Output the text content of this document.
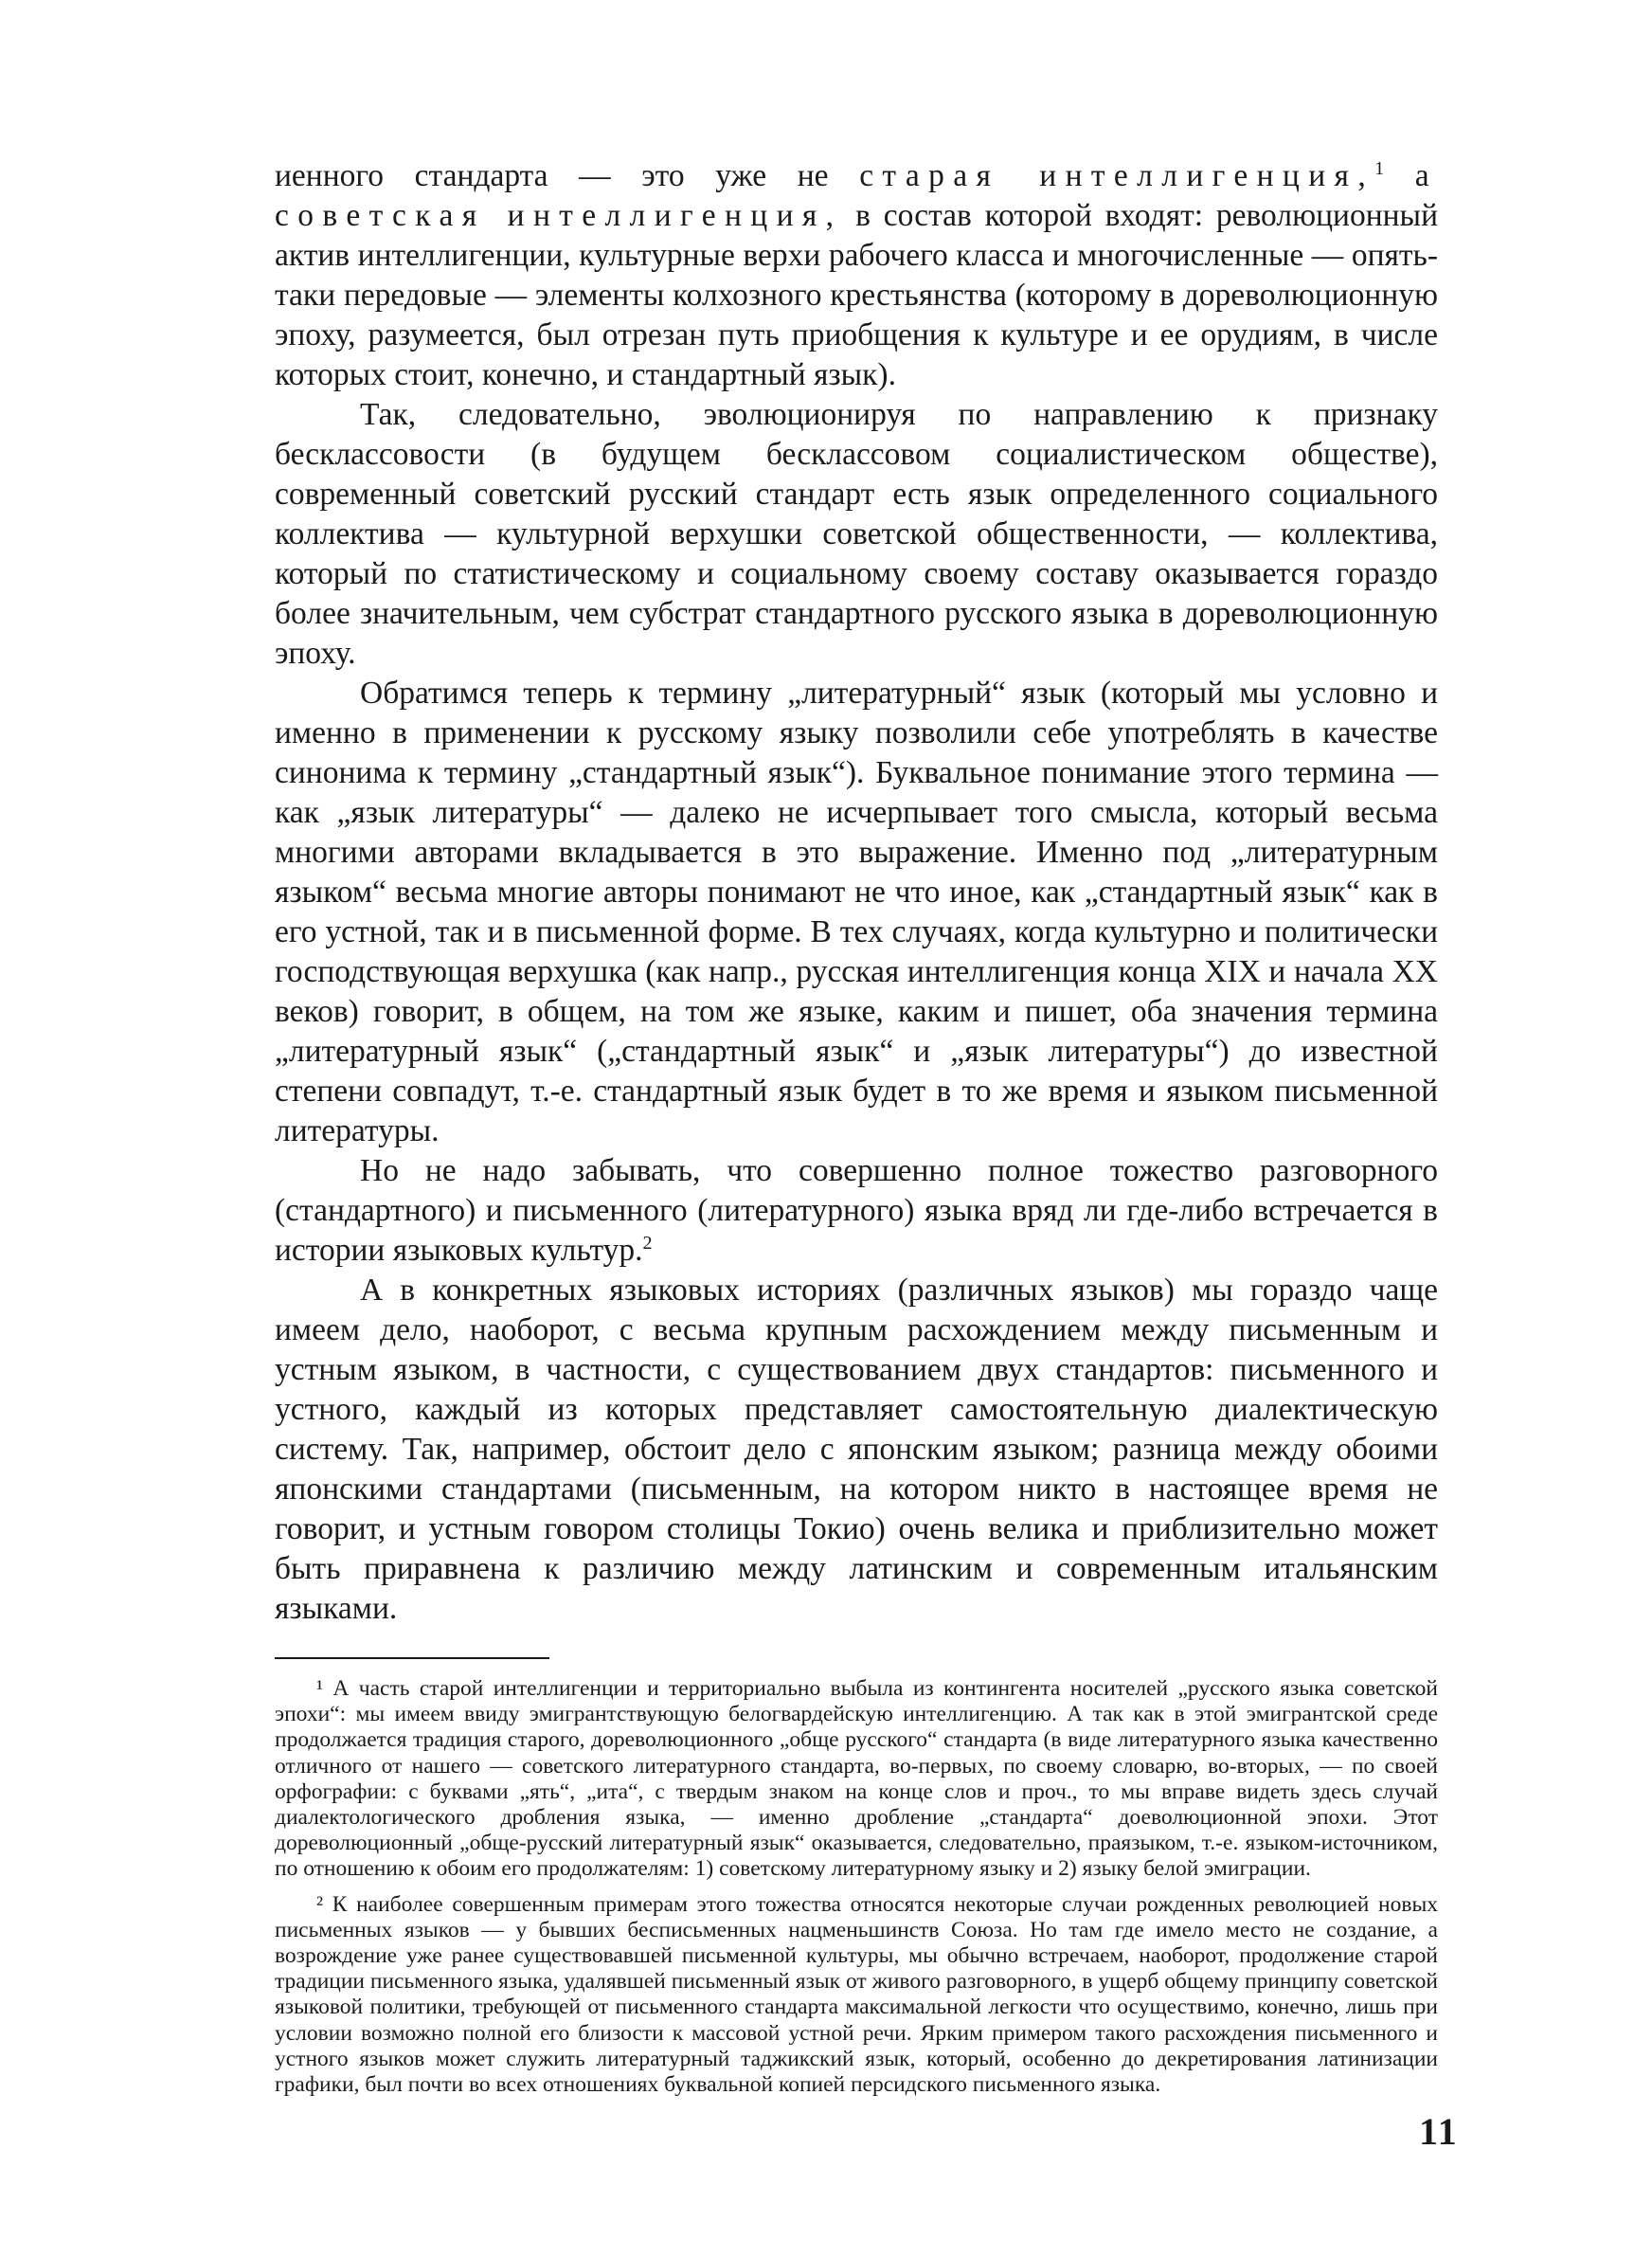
иенного стандарта — это уже не старая интеллигенция,$^1$ а советская интеллигенция, в состав которой входят: революционный актив интеллигенции, культурные верхи рабочего класса и многочисленные — опять-таки передовые — элементы колхозного крестьянства (которому в дореволюционную эпоху, разумеется, был отрезан путь приобщения к культуре и ее орудиям, в числе которых стоит, конечно, и стандартный язык).

Так, следовательно, эволюционируя по направлению к признаку бесклассовости (в будущем бесклассовом социалистическом обществе), современный советский русский стандарт есть язык определенного социального коллектива — культурной верхушки советской общественности, — коллектива, который по статистическому и социальному своему составу оказывается гораздо более значительным, чем субстрат стандартного русского языка в дореволюционную эпоху.

Обратимся теперь к термину „литературный“ язык (который мы условно и именно в применении к русскому языку позволили себе употреблять в качестве синонима к термину „стандартный язык“). Буквальное понимание этого термина — как „язык литературы“ — далеко не исчерпывает того смысла, который весьма многими авторами вкладывается в это выражение. Именно под „литературным языком“ весьма многие авторы понимают не что иное, как „стандартный язык“ как в его устной, так и в письменной форме. В тех случаях, когда культурно и политически господствующая верхушка (как напр., русская интеллигенция конца XIX и начала XX веков) говорит, в общем, на том же языке, каким и пишет, оба значения термина „литературный язык“ („стандартный язык“ и „язык литературы“) до известной степени совпадут, т.-е. стандартный язык будет в то же время и языком письменной литературы.

Но не надо забывать, что совершенно полное тожество разговорного (стандартного) и письменного (литературного) языка вряд ли где-либо встречается в истории языковых культур.$^2$

А в конкретных языковых историях (различных языков) мы гораздо чаще имеем дело, наоборот, с весьма крупным расхождением между письменным и устным языком, в частности, с существованием двух стандартов: письменного и устного, каждый из которых представляет самостоятельную диалектическую систему. Так, например, обстоит дело с японским языком; разница между обоими японскими стандартами (письменным, на котором никто в настоящее время не говорит, и устным говором столицы Токио) очень велика и приблизительно может быть приравнена к различию между латинским и современным итальянским языками.

¹ А часть старой интеллигенции и территориально выбыла из контингента носителей „русского языка советской эпохи“: мы имеем ввиду эмигрантствующую белогвардейскую интеллигенцию. А так как в этой эмигрантской среде продолжается традиция старого, дореволюционного „обще русского“ стандарта (в виде литературного языка качественно отличного от нашего — советского литературного стандарта, во-первых, по своему словарю, во-вторых, — по своей орфографии: с буквами „ять“, „ита“, с твердым знаком на конце слов и проч., то мы вправе видеть здесь случай диалектологического дробления языка, — именно дробление „стандарта“ доеволюционной эпохи. Этот дореволюционный „обще-русский литературный язык“ оказывается, следовательно, праязыком, т.-е. языком-источником, по отношению к обоим его продолжателям: 1) советскому литературному языку и 2) языку белой эмиграции.

² К наиболее совершенным примерам этого тожества относятся некоторые случаи рожденных революцией новых письменных языков — у бывших бесписьменных нацменьшинств Союза. Но там где имело место не создание, а возрождение уже ранее существовавшей письменной культуры, мы обычно встречаем, наоборот, продолжение старой традиции письменного языка, удалявшей письменный язык от живого разговорного, в ущерб общему принципу советской языковой политики, требующей от письменного стандарта максимальной легкости что осуществимо, конечно, лишь при условии возможно полной его близости к массовой устной речи. Ярким примером такого расхождения письменного и устного языков может служить литературный таджикский язык, который, особенно до декретирования латинизации графики, был почти во всех отношениях буквальной копией персидского письменного языка.

11
